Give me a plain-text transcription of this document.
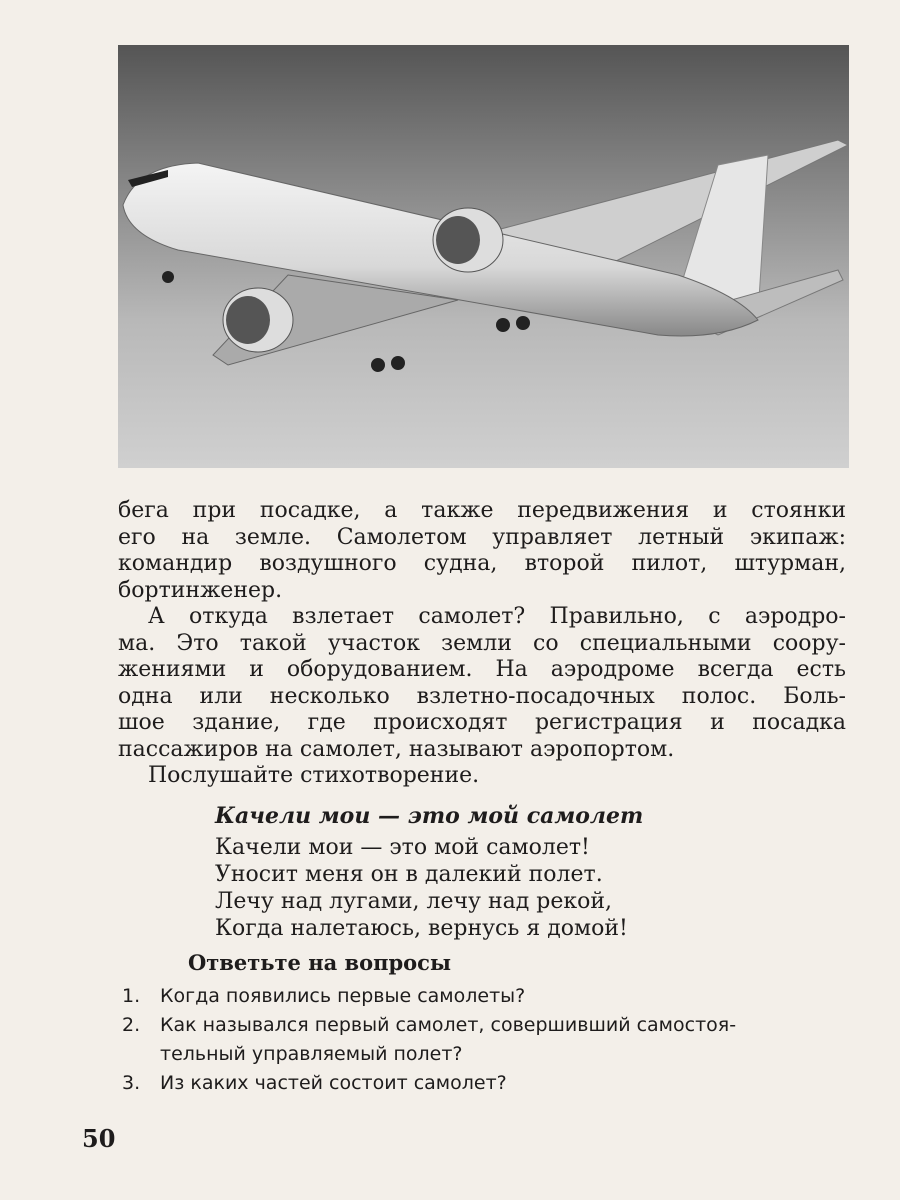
бега при посадке, а также передвижения и стоянки
его на земле. Самолетом управляет летный экипаж:
командир воздушного судна, второй пилот, штурман,
бортинженер.
А откуда взлетает самолет? Правильно, с аэродро-
ма. Это такой участок земли со специальными соору-
жениями и оборудованием. На аэродроме всегда есть
одна или несколько взлетно-посадочных полос. Боль-
шое здание, где происходят регистрация и посадка
пассажиров на самолет, называют аэропортом.
Послушайте стихотворение.
Качели мои — это мой самолет
Качели мои — это мой самолет!
Уносит меня он в далекий полет.
Лечу над лугами, лечу над рекой,
Когда налетаюсь, вернусь я домой!
Ответьте на вопросы
1.	Когда появились первые самолеты?
2.	Как назывался первый самолет, совершивший самостоя-
тельный управляемый полет?
3.	Из каких частей состоит самолет?
50
